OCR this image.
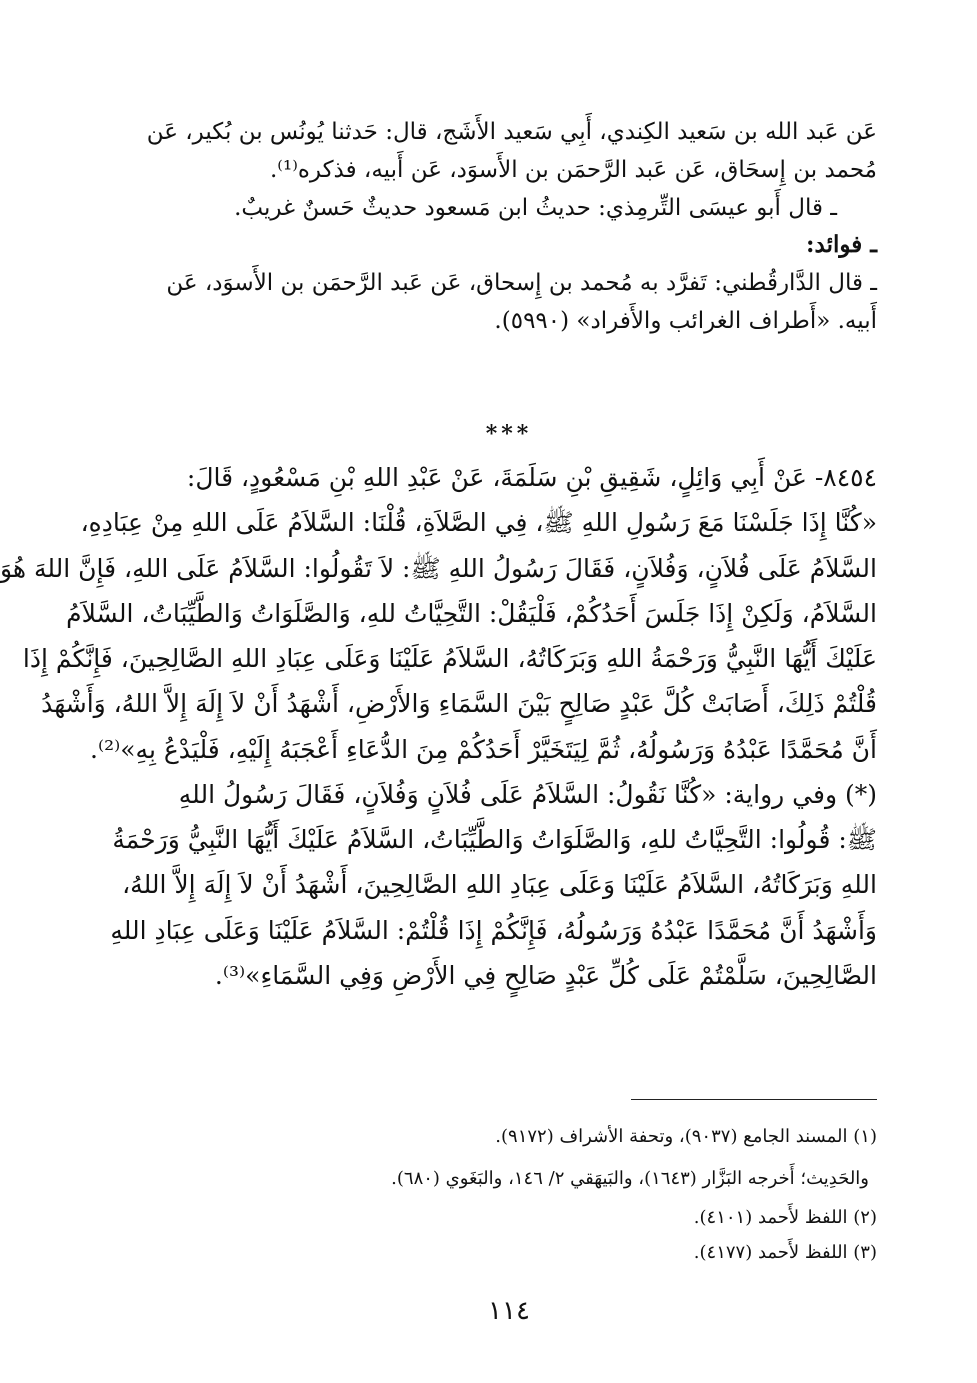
عَن عَبد الله بن سَعيد الكِندي، أَبِي سَعيد الأَشَج، قال: حَدثنا يُونُس بن بُكير، عَن
مُحمد بن إِسحَاق، عَن عَبد الرَّحمَن بن الأَسوَد، عَن أَبيه، فذكره⁽¹⁾.
ـ قال أَبو عيسَى التِّرمِذي: حديثُ ابن مَسعود حديثٌ حَسنٌ غريبٌ.
ـ فوائد:
ـ قال الدَّارقُطني: تَفرَّد به مُحمد بن إِسحاق، عَن عَبد الرَّحمَن بن الأَسوَد، عَن
أَبيه. «أَطراف الغرائب والأَفراد» (٥٩٩٠).
***
٨٤٥٤- عَنْ أَبِي وَائِلٍ، شَقِيقِ بْنِ سَلَمَةَ، عَنْ عَبْدِ اللهِ بْنِ مَسْعُودٍ، قَالَ:
«كُنَّا إِذَا جَلَسْنَا مَعَ رَسُولِ اللهِ ﷺ، فِي الصَّلاَةِ، قُلْنَا: السَّلاَمُ عَلَى اللهِ مِنْ عِبَادِهِ،
السَّلاَمُ عَلَى فُلاَنٍ، وَفُلاَنٍ، فَقَالَ رَسُولُ اللهِ ﷺ: لاَ تَقُولُوا: السَّلاَمُ عَلَى اللهِ، فَإِنَّ اللهَ هُوَ
السَّلاَمُ، وَلَكِنْ إِذَا جَلَسَ أَحَدُكُمْ، فَلْيَقُلْ: التَّحِيَّاتُ للهِ، وَالصَّلَوَاتُ وَالطَّيِّبَاتُ، السَّلاَمُ
عَلَيْكَ أَيُّهَا النَّبِيُّ وَرَحْمَةُ اللهِ وَبَرَكَاتُهُ، السَّلاَمُ عَلَيْنَا وَعَلَى عِبَادِ اللهِ الصَّالِحِينَ، فَإِنَّكُمْ إِذَا
قُلْتُمْ ذَلِكَ، أَصَابَتْ كُلَّ عَبْدٍ صَالِحٍ بَيْنَ السَّمَاءِ وَالأَرْضِ، أَشْهَدُ أَنْ لاَ إِلَهَ إِلاَّ اللهُ، وَأَشْهَدُ
أَنَّ مُحَمَّدًا عَبْدُهُ وَرَسُولُهُ، ثُمَّ لِيَتَخَيَّرْ أَحَدُكُمْ مِنَ الدُّعَاءِ أَعْجَبَهُ إِلَيْهِ، فَلْيَدْعُ بِهِ»⁽²⁾.
(*) وفي رواية: «كُنَّا نَقُولُ: السَّلاَمُ عَلَى فُلاَنٍ وَفُلاَنٍ، فَقَالَ رَسُولُ اللهِ
ﷺ: قُولُوا: التَّحِيَّاتُ للهِ، وَالصَّلَوَاتُ وَالطَّيِّبَاتُ، السَّلاَمُ عَلَيْكَ أَيُّهَا النَّبِيُّ وَرَحْمَةُ
اللهِ وَبَرَكَاتُهُ، السَّلاَمُ عَلَيْنَا وَعَلَى عِبَادِ اللهِ الصَّالِحِينَ، أَشْهَدُ أَنْ لاَ إِلَهَ إِلاَّ اللهُ،
وَأَشْهَدُ أَنَّ مُحَمَّدًا عَبْدُهُ وَرَسُولُهُ، فَإِنَّكُمْ إِذَا قُلْتُمْ: السَّلاَمُ عَلَيْنَا وَعَلَى عِبَادِ اللهِ
الصَّالِحِينَ، سَلَّمْتُمْ عَلَى كُلِّ عَبْدٍ صَالِحٍ فِي الأَرْضِ وَفِي السَّمَاءِ»⁽³⁾.
(١) المسند الجامع (٩٠٣٧)، وتحفة الأشراف (٩١٧٢).
والحَدِيث؛ أَخرجه البَزَّار (١٦٤٣)، والبَيهَقي ٢/ ١٤٦، والبَغَوي (٦٨٠).
(٢) اللفظ لأَحمد (٤١٠١).
(٣) اللفظ لأَحمد (٤١٧٧).
١١٤
